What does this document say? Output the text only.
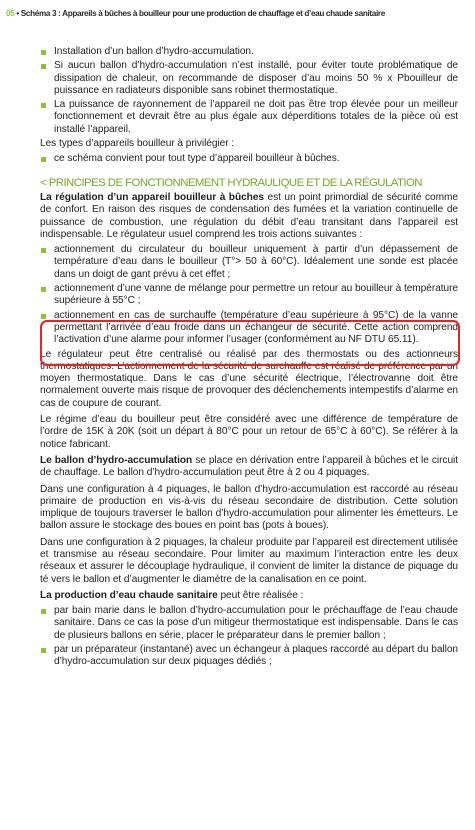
05 • Schéma 3 : Appareils à bûches à bouilleur pour une production de chauffage et d’eau chaude sanitaire
Installation d’un ballon d’hydro-accumulation.
Si aucun ballon d’hydro-accumulation n’est installé, pour éviter toute problématique de dissipation de chaleur, on recommande de disposer d’au moins 50 % x Pbouilleur de puissance en radiateurs disponible sans robinet thermostatique.
La puissance de rayonnement de l’appareil ne doit pas être trop élevée pour un meilleur fonctionnement et devrait être au plus égale aux déperditions totales de la pièce où est installé l’appareil.

Les types d’appareils bouilleur à privilégier :

ce schéma convient pour tout type d’appareil bouilleur à bûches.
< PRINCIPES DE FONCTIONNEMENT HYDRAULIQUE ET DE LA RÉGULATION

La régulation d’un appareil bouilleur à bûches est un point primordial de sécurité comme de confort. En raison des risques de condensation des fumées et la variation continuelle de puissance de combustion, une régulation du débit d’eau transitant dans l’appareil est indispensable. Le régulateur usuel comprend les trois actions suivantes :

actionnement du circulateur du bouilleur uniquement à partir d’un dépassement de température d’eau dans le bouilleur (T°> 50 à 60°C). Idéalement une sonde est placée dans un doigt de gant prévu à cet effet ;
actionnement d’une vanne de mélange pour permettre un retour au bouilleur à température supérieure à 55°C ;
actionnement en cas de surchauffe (température d’eau supérieure à 95°C) de la vanne permettant l’arrivée d’eau froide dans un échangeur de sécurité. Cette action comprend l’activation d’une alarme pour informer l’usager (conformément au NF DTU 65.11).

Le régulateur peut être centralisé ou réalisé par des thermostats ou des actionneurs thermostatiques. L’actionnement de la sécurité de surchauffe est réalisé de préférence par un moyen thermostatique. Dans le cas d’une sécurité électrique, l’électrovanne doit être normalement ouverte mais risque de provoquer des déclenchements intempestifs d’alarme en cas de coupure de courant.

Le régime d’eau du bouilleur peut être considéré avec une différence de température de l’ordre de 15K à 20K (soit un départ à 80°C pour un retour de 65°C à 60°C). Se référer à la notice fabricant.

Le ballon d’hydro-accumulation se place en dérivation entre l’appareil à bûches et le circuit de chauffage. Le ballon d’hydro-accumulation peut être à 2 ou 4 piquages.

Dans une configuration à 4 piquages, le ballon d’hydro-accumulation est raccordé au réseau primaire de production en vis-à-vis du réseau secondaire de distribution. Cette solution implique de toujours traverser le ballon d’hydro-accumulation pour alimenter les émetteurs. Le ballon assure le stockage des boues en point bas (pots à boues).

Dans une configuration à 2 piquages, la chaleur produite par l’appareil est directement utilisée et transmise au réseau secondaire. Pour limiter au maximum l’interaction entre les deux réseaux et assurer le découplage hydraulique, il convient de limiter la distance de piquage du té vers le ballon et d’augmenter le diamètre de la canalisation en ce point.

La production d’eau chaude sanitaire peut être réalisée :

par bain marie dans le ballon d’hydro-accumulation pour le préchauffage de l’eau chaude sanitaire. Dans ce cas la pose d’un mitigeur thermostatique est indispensable. Dans le cas de plusieurs ballons en série, placer le préparateur dans le premier ballon ;
par un préparateur (instantané) avec un échangeur à plaques raccordé au départ du ballon d’hydro-accumulation sur deux piquages dédiés ;
